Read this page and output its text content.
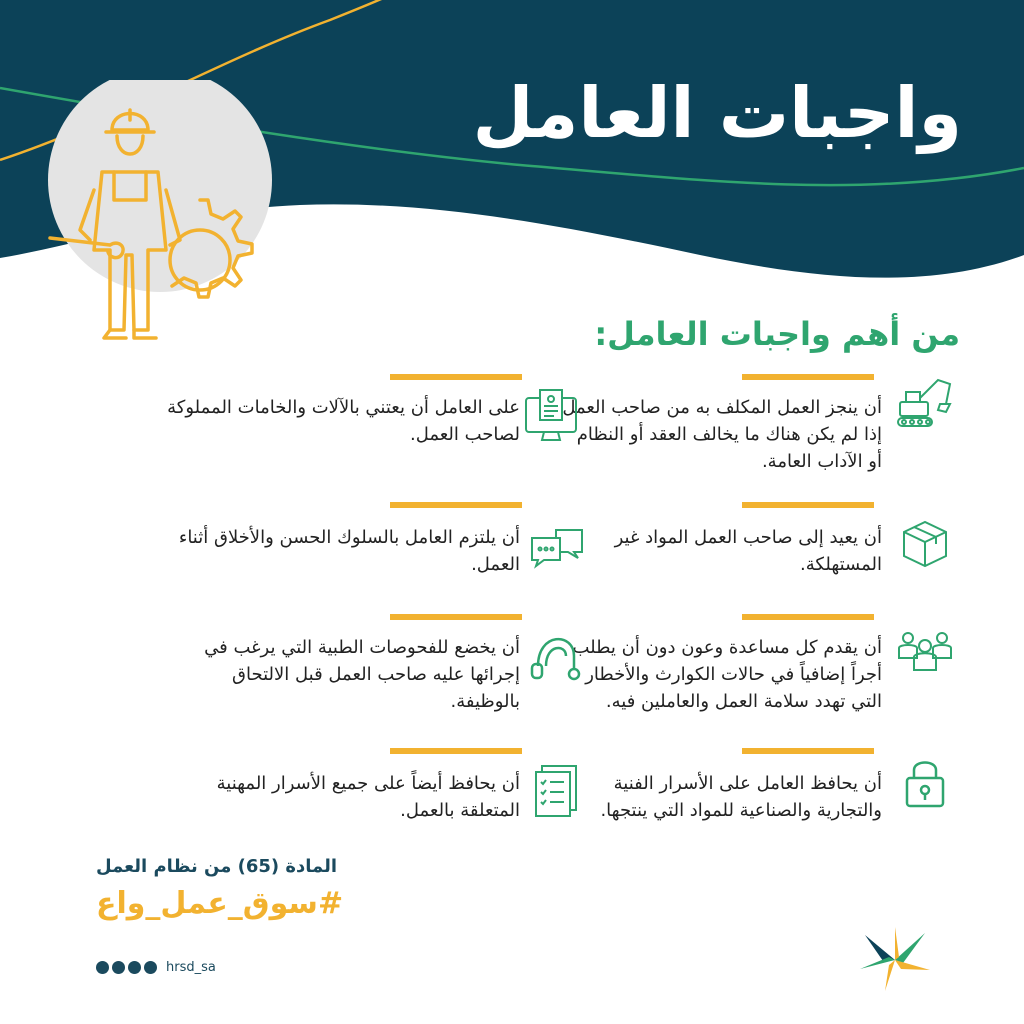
واجبات العامل
من أهم واجبات العامل:
أن ينجز العمل المكلف به من صاحب العمل إذا لم يكن هناك ما يخالف العقد أو النظام أو الآداب العامة.
أن يعيد إلى صاحب العمل المواد غير المستهلكة.
أن يقدم كل مساعدة وعون دون أن يطلب أجراً إضافياً في حالات الكوارث والأخطار التي تهدد سلامة العمل والعاملين فيه.
أن يحافظ العامل على الأسرار الفنية والتجارية والصناعية للمواد التي ينتجها.
على العامل أن يعتني بالآلات والخامات المملوكة لصاحب العمل.
أن يلتزم العامل بالسلوك الحسن والأخلاق أثناء العمل.
أن يخضع للفحوصات الطبية التي يرغب في إجرائها عليه صاحب العمل قبل الالتحاق بالوظيفة.
أن يحافظ أيضاً على جميع الأسرار المهنية المتعلقة بالعمل.
المادة (65) من نظام العمل
#سوق_عمل_واع
hrsd_sa
